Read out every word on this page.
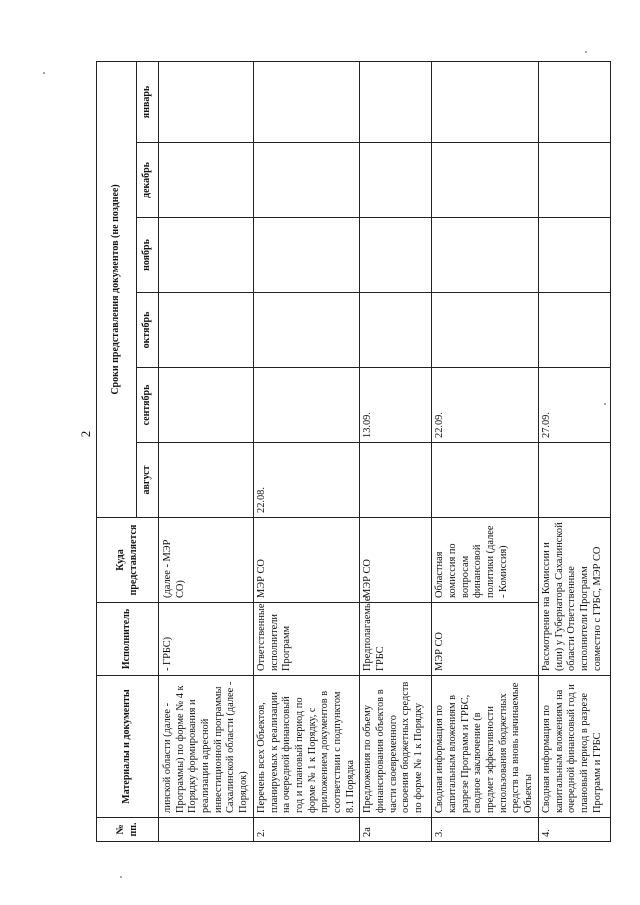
2
№ пп.	Материалы и документы	Исполнитель	Куда представляется	Сроки представления документов (не позднее)					
				август	сентябрь	октябрь	ноябрь	декабрь	январь
	линской области (далее - Программы) по форме № 4 к Порядку формирования и реализации адресной инвестиционной программы Сахалинской области (далее - Порядок)	- ГРБС)	(далее - МЭР СО)						
2.	Перечень всех Объектов, планируемых к реализации на очередной финансовый год и плановый период по форме № 1 к Порядку, с приложением документов в соответствии с подпунктом 8.1 Порядка	Ответственные исполнители Программ	МЭР СО	22.08.					
2а	Предложения по объему финансирования объектов в части своевременного освоения бюджетных средств по форме № 1 к Порядку	Предполагаемые ГРБС	МЭР СО		13.09.				
3.	Сводная информация по капитальным вложениям в разрезе Программ и ГРБС, сводное заключение (в предмет эффективности использования бюджетных средств на вновь начинаемые Объекты	МЭР СО	Областная комиссия по вопросам финансовой политики (далее - Комиссия)		22.09.				
4.	Сводная информация по капитальным вложениям на очередной финансовый год и плановый период в разрезе Программ и ГРБС	Рассмотрение на Комиссии и (или) у Губернатора Сахалинской области Ответственные исполнители Программ совместно с ГРБС, МЭР СО			27.09.				
